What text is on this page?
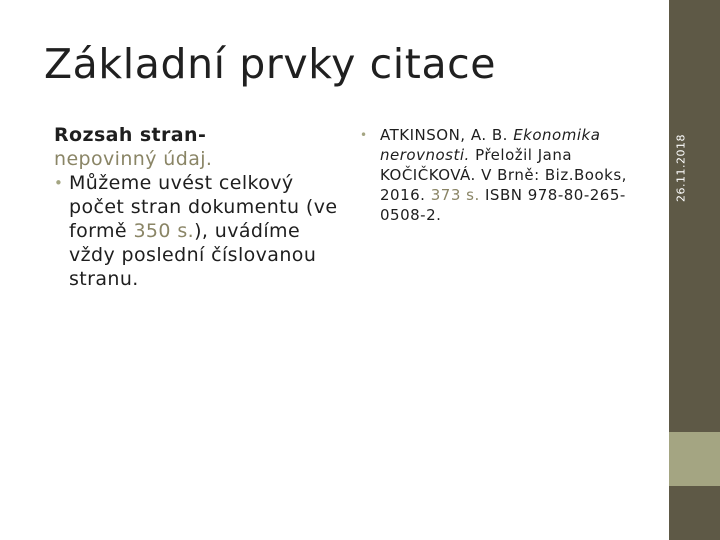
26.11.2018
Základní prvky citace

Rozsah stran-

nepovinný údaj.

• Můžeme uvést celkový počet stran dokumentu (ve formě 350 s.), uvádíme vždy poslední číslovanou stranu.
• ATKINSON, A. B. Ekonomika nerovnosti. Přeložil Jana KOČIČKOVÁ. V Brně: Biz.Books, 2016. 373 s. ISBN 978-80-265-0508-2.
